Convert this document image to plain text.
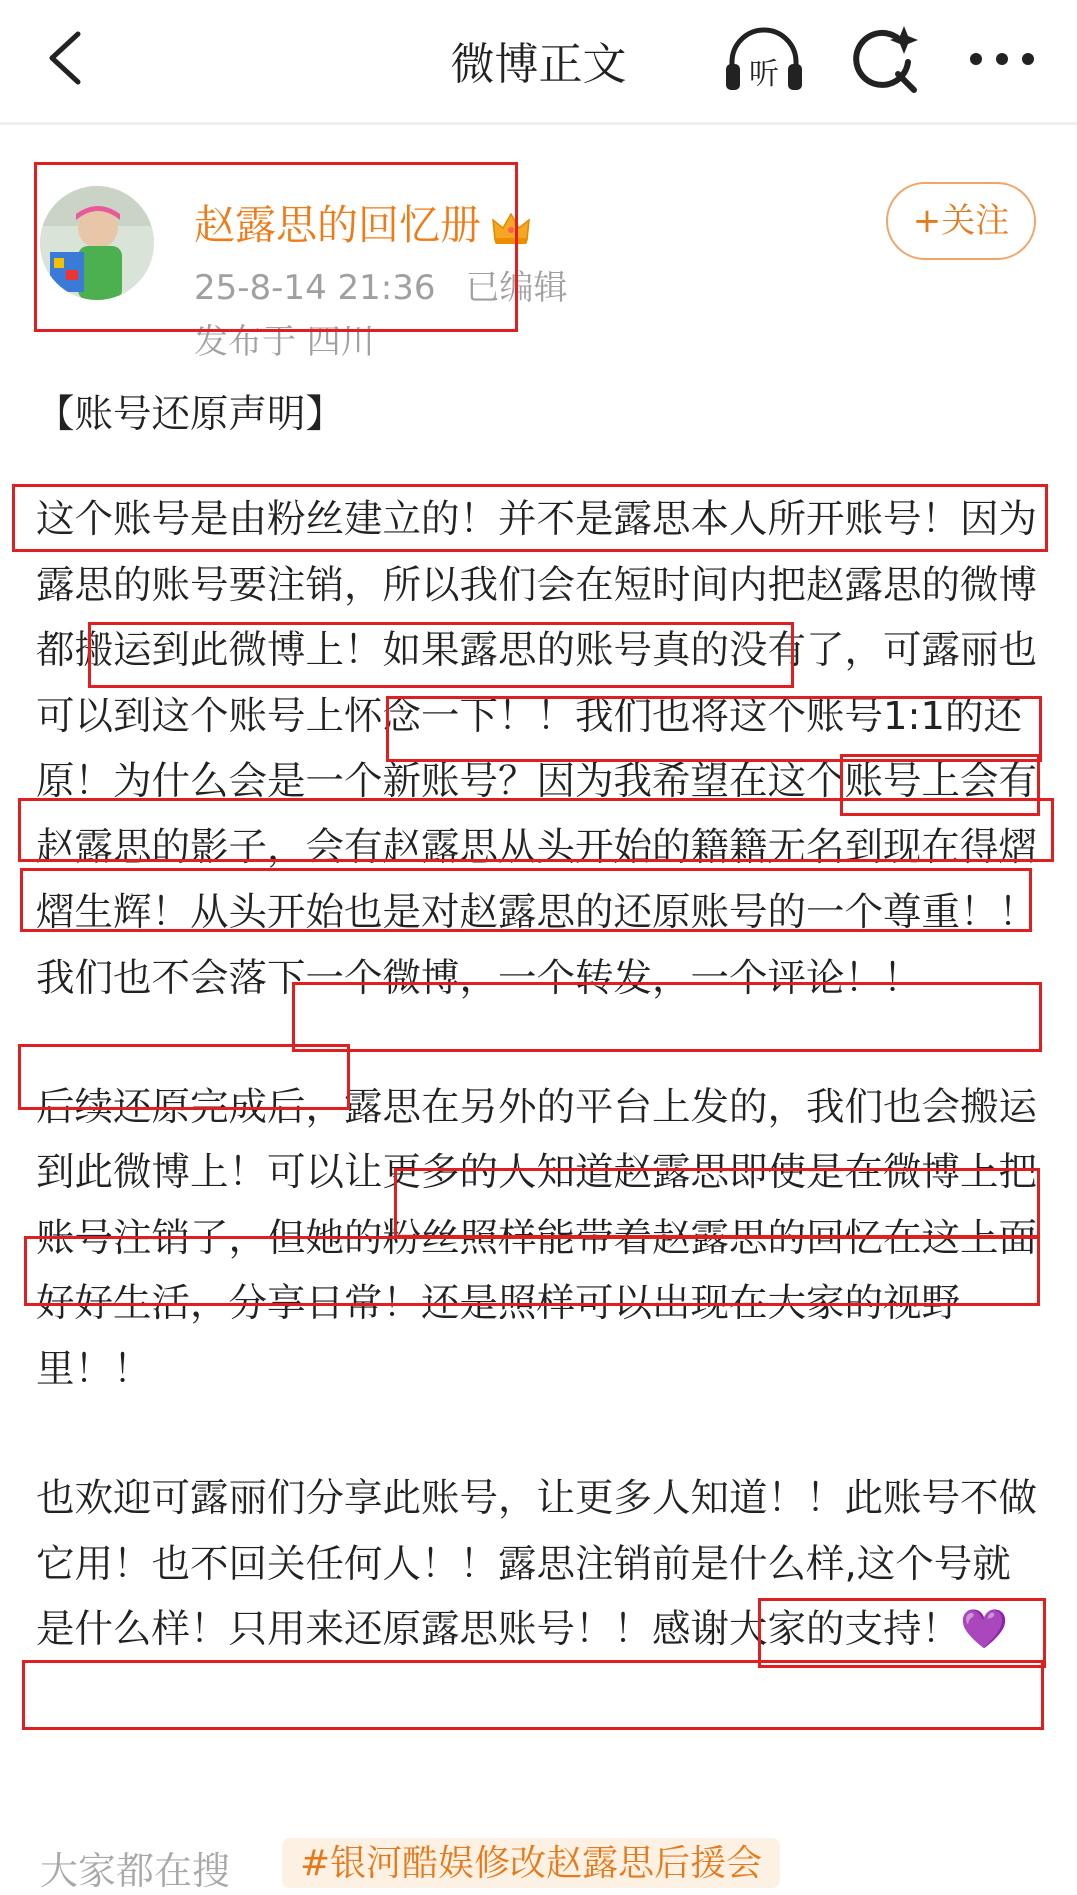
微博正文	听
赵露思的回忆册
25-8-14 21:36 已编辑
发布于 四川
+关注
【账号还原声明】
这个账号是由粉丝建立的！并不是露思本人所开账号！因为露思的账号要注销，所以我们会在短时间内把赵露思的微博都搬运到此微博上！如果露思的账号真的没有了，可露丽也可以到这个账号上怀念一下！！我们也将这个账号1:1的还原！为什么会是一个新账号？因为我希望在这个账号上会有赵露思的影子，会有赵露思从头开始的籍籍无名到现在得熠熠生辉！从头开始也是对赵露思的还原账号的一个尊重！！我们也不会落下一个微博，一个转发，一个评论！！
后续还原完成后，露思在另外的平台上发的，我们也会搬运到此微博上！可以让更多的人知道赵露思即使是在微博上把账号注销了，但她的粉丝照样能带着赵露思的回忆在这上面好好生活，分享日常！还是照样可以出现在大家的视野里！！
也欢迎可露丽们分享此账号，让更多人知道！！此账号不做它用！也不回关任何人！！露思注销前是什么样,这个号就是什么样！只用来还原露思账号！！感谢大家的支持！💜
大家都在搜	#银河酷娱修改赵露思后援会
